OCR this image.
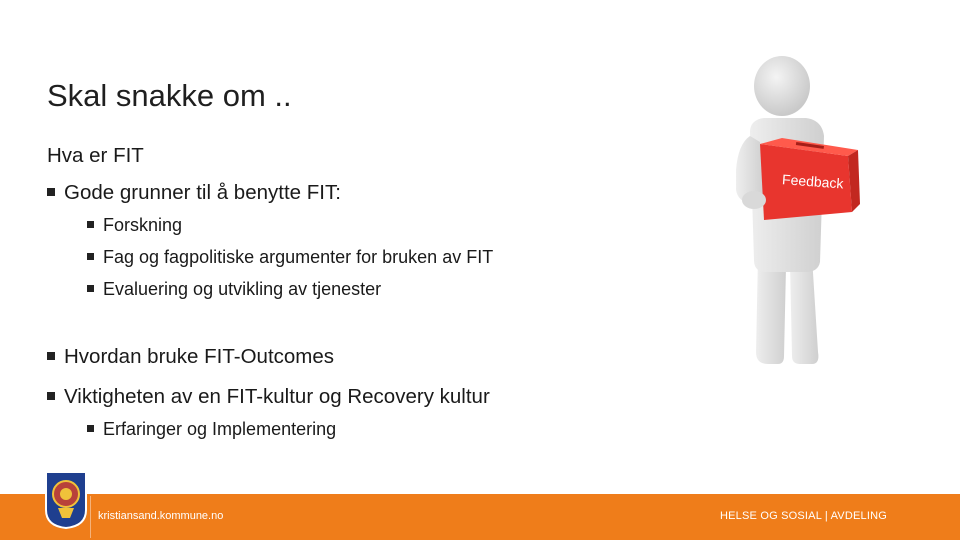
Skal snakke om ..
Hva er FIT
Gode grunner til å benytte FIT:
Forskning
Fag og fagpolitiske argumenter for bruken av FIT
Evaluering og utvikling av tjenester
Hvordan bruke FIT-Outcomes
Viktigheten av en FIT-kultur og Recovery kultur
Erfaringer og Implementering
Feedback
kristiansand.kommune.no	HELSE OG SOSIAL | AVDELING
